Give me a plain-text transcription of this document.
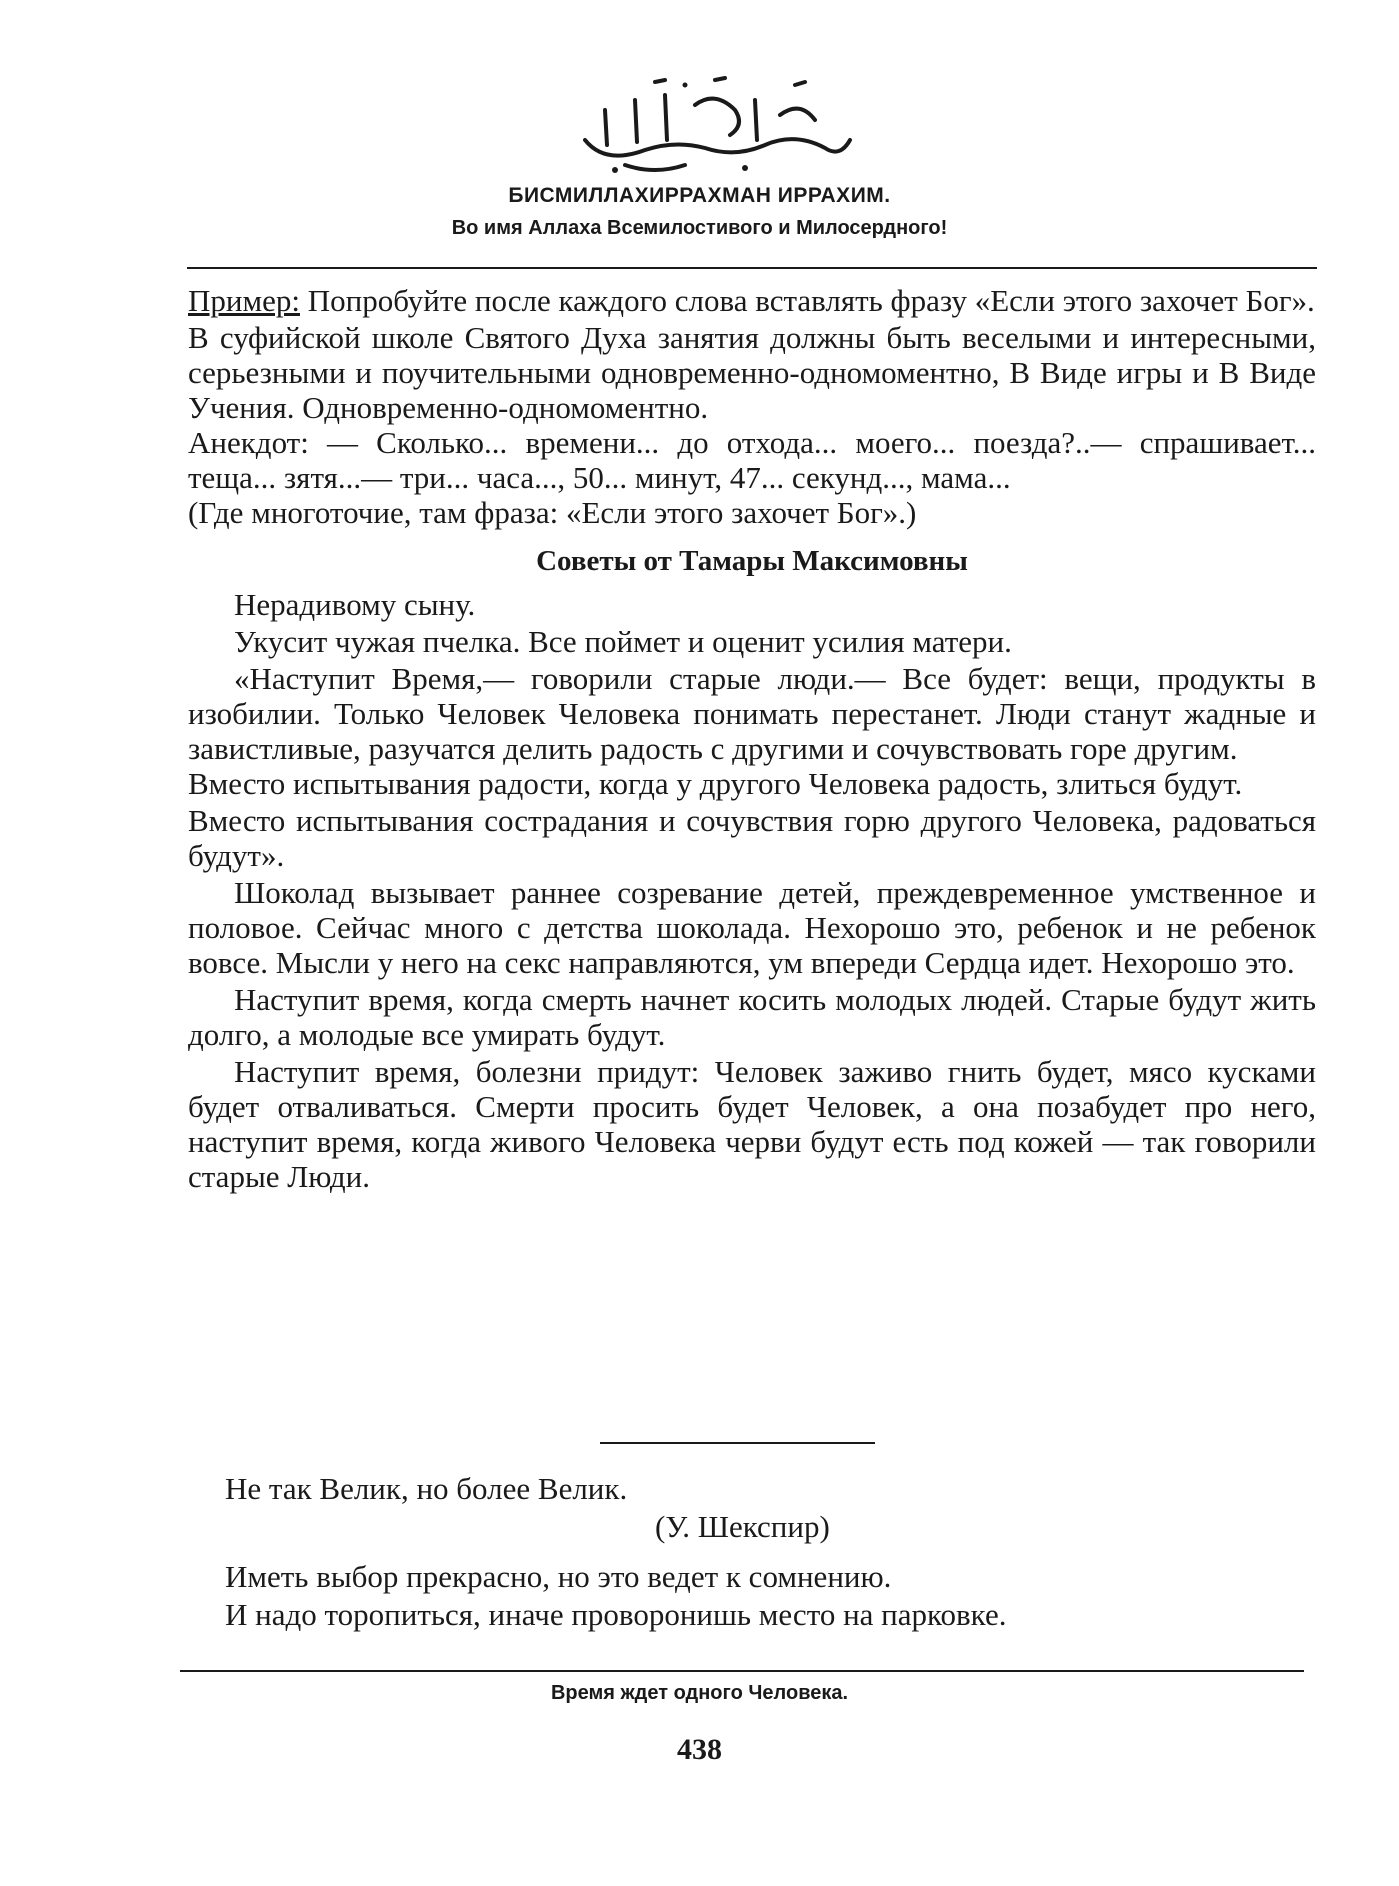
БИСМИЛЛАХИРРАХМАН ИРРАХИМ.
Во имя Аллаха Всемилостивого и Милосердного!

Пример: Попробуйте после каждого слова вставлять фразу «Если этого захочет Бог».

В суфийской школе Святого Духа занятия должны быть веселыми и интересными, серьезными и поучительными одновременно-одномоментно, В Виде игры и В Виде Учения. Одновременно-одномоментно.

Анекдот: — Сколько... времени... до отхода... моего... поезда?..— спрашивает... теща... зятя...— три... часа..., 50... минут, 47... секунд..., мама...

(Где многоточие, там фраза: «Если этого захочет Бог».)

Советы от Тамары Максимовны

Нерадивому сыну.

Укусит чужая пчелка. Все поймет и оценит усилия матери.

«Наступит Время,— говорили старые люди.— Все будет: вещи, продукты в изобилии. Только Человек Человека понимать перестанет. Люди станут жадные и завистливые, разучатся делить радость с другими и сочувствовать горе другим.

Вместо испытывания радости, когда у другого Человека радость, злиться будут.

Вместо испытывания сострадания и сочувствия горю другого Человека, радоваться будут».

Шоколад вызывает раннее созревание детей, преждевременное умственное и половое. Сейчас много с детства шоколада. Нехорошо это, ребенок и не ребенок вовсе. Мысли у него на секс направляются, ум впереди Сердца идет. Нехорошо это.

Наступит время, когда смерть начнет косить молодых людей. Старые будут жить долго, а молодые все умирать будут.

Наступит время, болезни придут: Человек заживо гнить будет, мясо кусками будет отваливаться. Смерти просить будет Человек, а она позабудет про него, наступит время, когда живого Человека черви будут есть под кожей — так говорили старые Люди.

Не так Велик, но более Велик.

(У. Шекспир)

Иметь выбор прекрасно, но это ведет к сомнению.

И надо торопиться, иначе проворонишь место на парковке.

Время ждет одного Человека.
438
